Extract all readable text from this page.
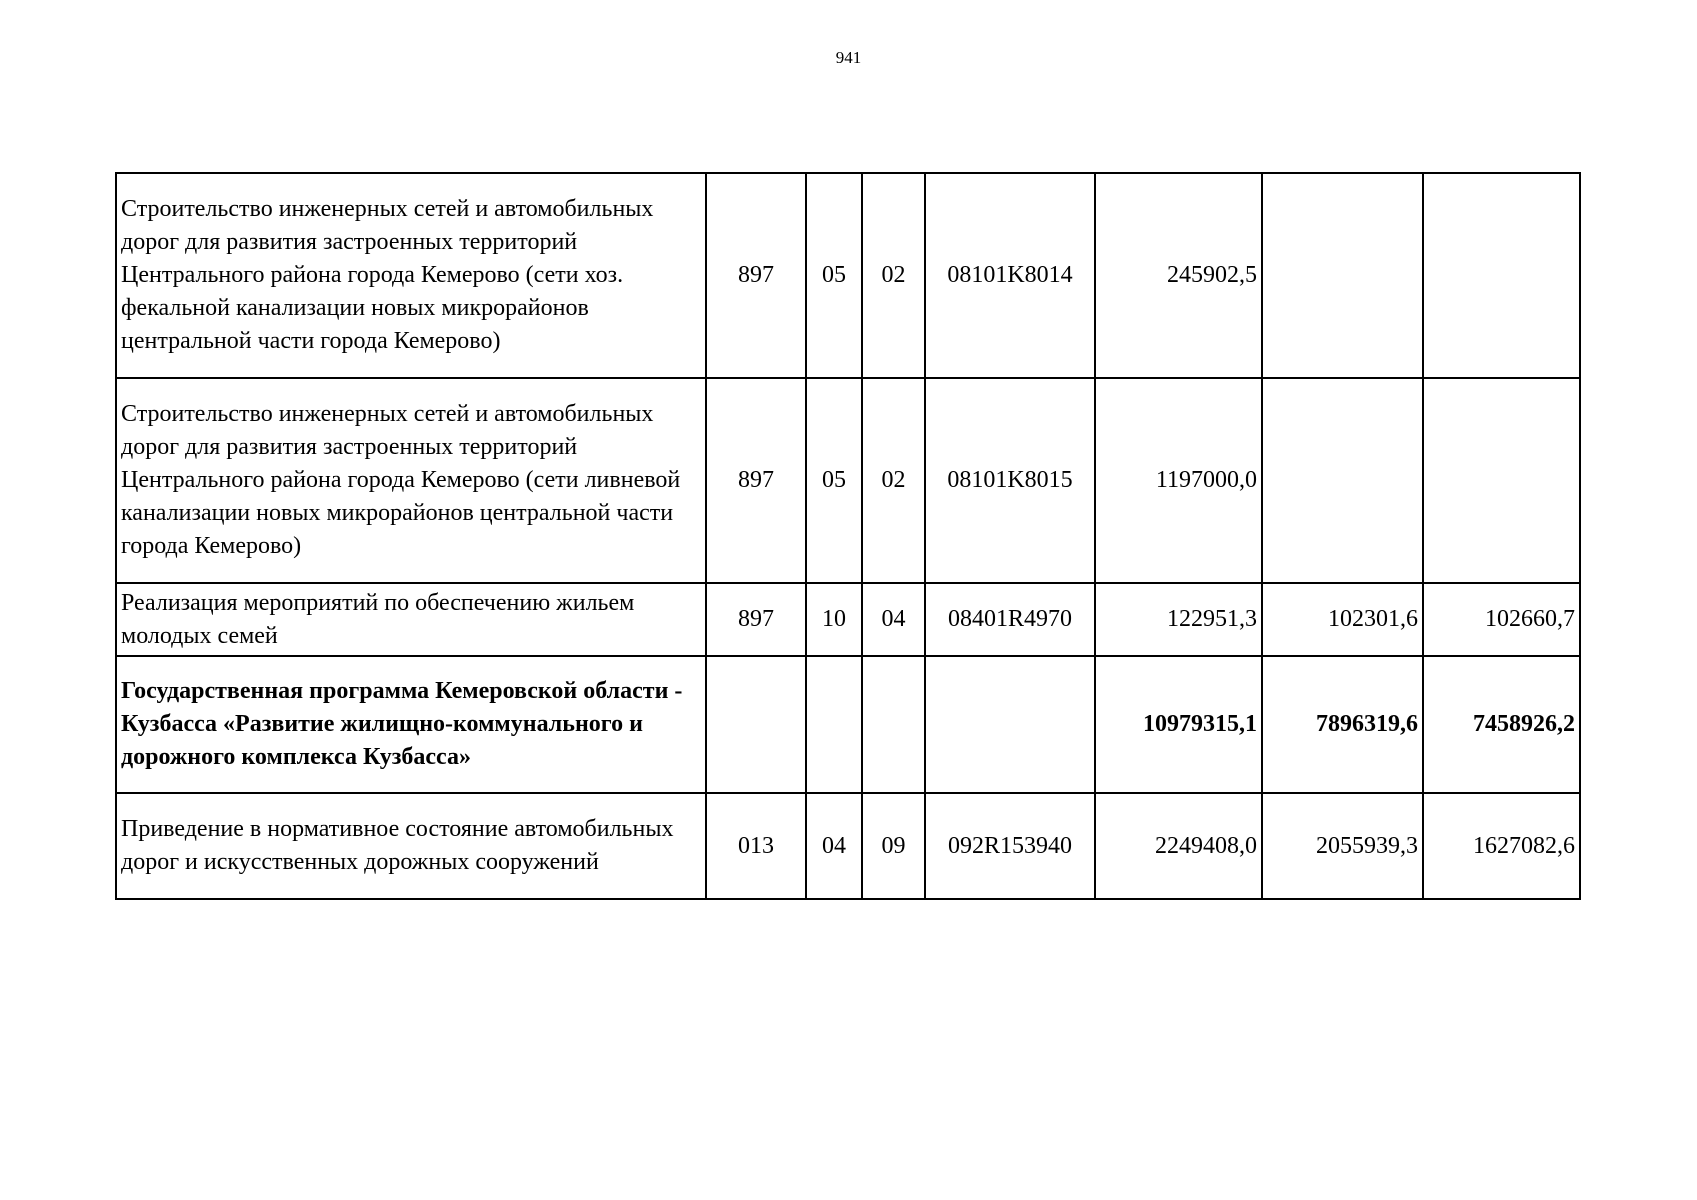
941
Строительство инженерных сетей и автомобильных дорог для развития застроенных территорий Центрального района города Кемерово (сети хоз. фекальной канализации новых микрорайонов центральной части города Кемерово)	897	05	02	08101K8014	245902,5		
Строительство инженерных сетей и автомобильных дорог для развития застроенных территорий Центрального района города Кемерово (сети ливневой канализации новых микрорайонов центральной части города Кемерово)	897	05	02	08101K8015	1197000,0		
Реализация мероприятий по обеспечению жильем молодых семей	897	10	04	08401R4970	122951,3	102301,6	102660,7
Государственная программа Кемеровской области - Кузбасса «Развитие жилищно-коммунального и дорожного комплекса Кузбасса»					10979315,1	7896319,6	7458926,2
Приведение в нормативное состояние автомобильных дорог и искусственных дорожных сооружений	013	04	09	092R153940	2249408,0	2055939,3	1627082,6
